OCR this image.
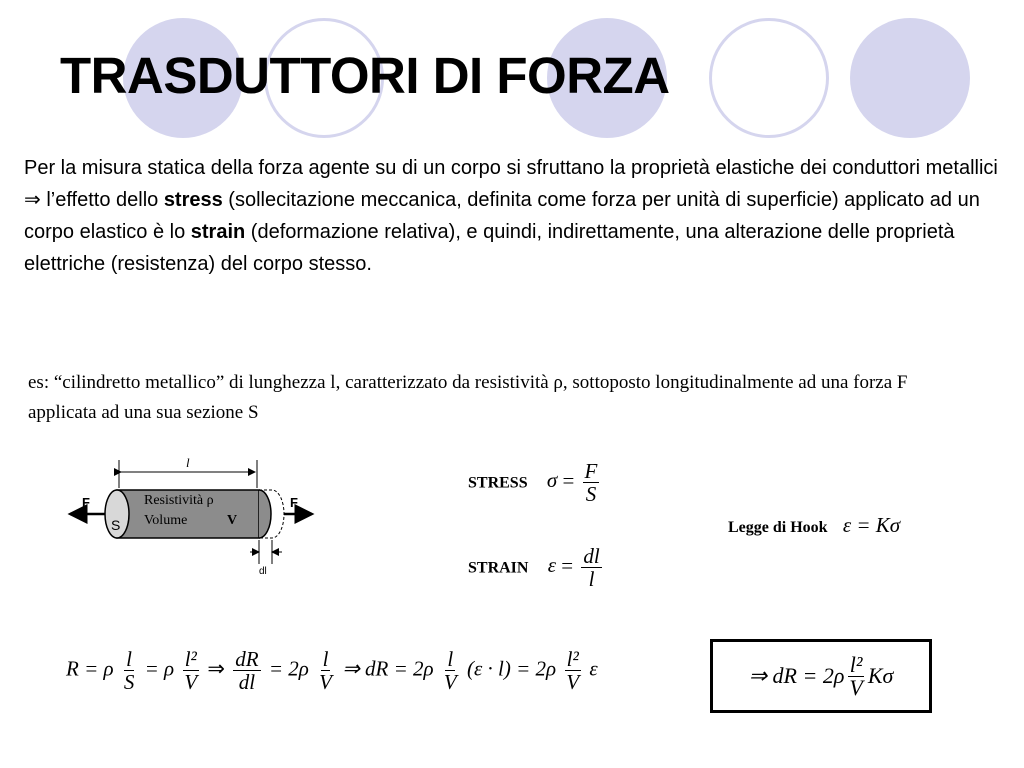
TRASDUTTORI DI FORZA

Per la misura statica della forza agente su di un corpo si sfruttano la proprietà elastiche dei conduttori metallici

⇒ l’effetto dello stress (sollecitazione meccanica, definita come forza per unità di superficie) applicato ad un corpo elastico è lo strain (deformazione relativa), e quindi, indirettamente, una alterazione delle proprietà elettriche (resistenza) del corpo stesso.

es: “cilindretto metallico” di lunghezza l, caratterizzato da resistività ρ, sottoposto longitudinalmente ad una forza F applicata ad una sua sezione S
l
dl
F	F
S
Resistività ρ
Volume	V
STRESS $\sigma = \frac{F}{S}$
STRAIN $\varepsilon = \frac{dl}{l}$
Legge di Hook ε = Kσ
R = ρ $\frac{l}{S} = \rho \frac{\text{l²}}{V}$ ⇒ $\frac{dR}{dl} = 2\rho \frac{l}{V}$ ⇒ dR = $2\rho \frac{l}{V} (\varepsilon \cdot l) = 2\rho \frac{\text{l²}}{V}$ ε	⇒ dR = $2\rho \frac{\text{l²}}{V}$ Kσ
